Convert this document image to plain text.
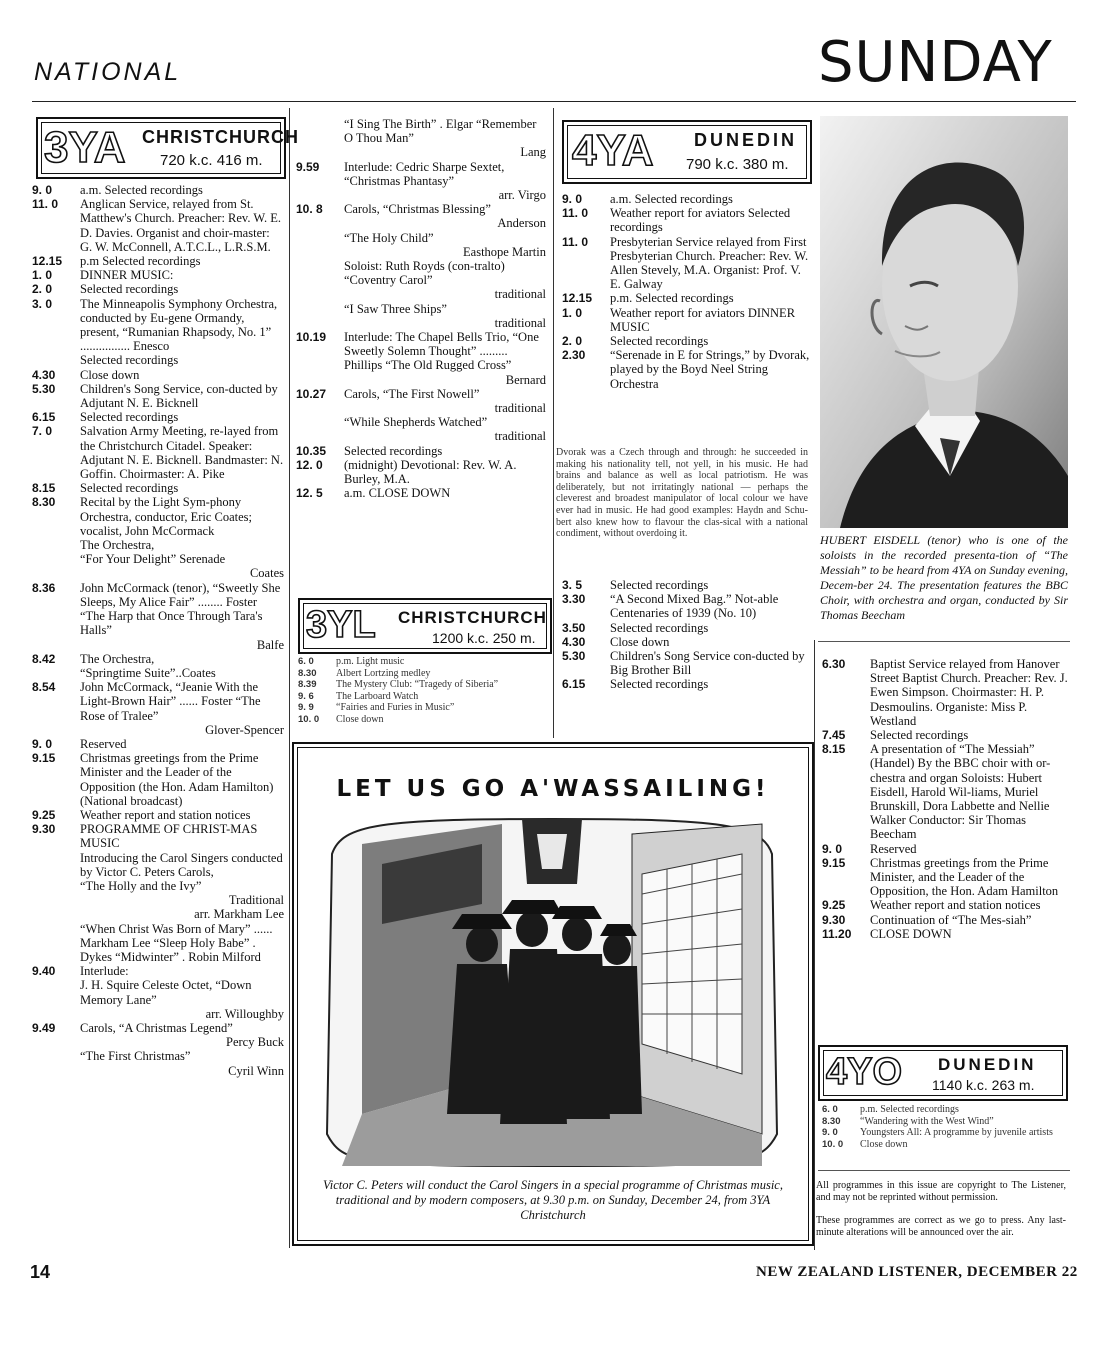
NATIONAL	SUNDAY
3YA CHRISTCHURCH
720 k.c. 416 m.
9. 0	a.m. Selected recordings
11. 0	Anglican Service, relayed from St. Matthew's Church. Preacher: Rev. W. E. D. Davies. Organist and choir-master: G. W. McConnell, A.T.C.L., L.R.S.M.
12.15	p.m Selected recordings
1. 0	DINNER MUSIC:
2. 0	Selected recordings
3. 0	The Minneapolis Symphony Orchestra, conducted by Eu-gene Ormandy, present, “Rumanian Rhapsody, No. 1” ................ Enesco
Selected recordings
4.30	Close down
5.30	Children's Song Service, con-ducted by Adjutant N. E. Bicknell
6.15	Selected recordings
7. 0	Salvation Army Meeting, re-layed from the Christchurch Citadel. Speaker: Adjutant N. E. Bicknell. Bandmaster: N. Goffin. Choirmaster: A. Pike
8.15	Selected recordings
8.30	Recital by the Light Sym-phony Orchestra, conductor, Eric Coates; vocalist, John McCormack
The Orchestra,
“For Your Delight” Serenade
Coates
8.36	John McCormack (tenor), “Sweetly She Sleeps, My Alice Fair” ........ Foster “The Harp that Once Through Tara's Halls”
Balfe
8.42	The Orchestra,
“Springtime Suite”..Coates
8.54	John McCormack, “Jeanie With the Light-Brown Hair” ...... Foster “The Rose of Tralee”
Glover-Spencer
9. 0	Reserved
9.15	Christmas greetings from the Prime Minister and the Leader of the Opposition (the Hon. Adam Hamilton) (National broadcast)
9.25	Weather report and station notices
9.30	PROGRAMME OF CHRIST-MAS MUSIC
Introducing the Carol Singers conducted by Victor C. Peters Carols,
“The Holly and the Ivy”
Traditional
arr. Markham Lee
“When Christ Was Born of Mary” ...... Markham Lee “Sleep Holy Babe” . Dykes “Midwinter” . Robin Milford
9.40	Interlude:
J. H. Squire Celeste Octet, “Down Memory Lane”
arr. Willoughby
9.49	Carols, “A Christmas Legend”
Percy Buck
“The First Christmas”
Cyril Winn
“I Sing The Birth” . Elgar “Remember O Thou Man”
Lang
9.59	Interlude: Cedric Sharpe Sextet, “Christmas Phantasy”
arr. Virgo
10. 8	Carols, “Christmas Blessing”
Anderson
“The Holy Child”
Easthope Martin
Soloist: Ruth Royds (con-tralto) “Coventry Carol”
traditional
“I Saw Three Ships”
traditional
10.19	Interlude: The Chapel Bells Trio, “One Sweetly Solemn Thought” ......... Phillips “The Old Rugged Cross”
Bernard
10.27	Carols, “The First Nowell”
traditional
“While Shepherds Watched”
traditional
10.35	Selected recordings
12. 0	(midnight) Devotional: Rev. W. A. Burley, M.A.
12. 5	a.m. CLOSE DOWN
3YL CHRISTCHURCH
1200 k.c. 250 m.
6. 0	p.m. Light music
8.30	Albert Lortzing medley
8.39	The Mystery Club: “Tragedy of Siberia”
9. 6	The Larboard Watch
9. 9	“Fairies and Furies in Music”
10. 0	Close down
4YA DUNEDIN
790 k.c. 380 m.
9. 0	a.m. Selected recordings
11. 0	Weather report for aviators Selected recordings
11. 0	Presbyterian Service relayed from First Presbyterian Church. Preacher: Rev. W. Allen Stevely, M.A. Organist: Prof. V. E. Galway
12.15	p.m. Selected recordings
1. 0	Weather report for aviators DINNER MUSIC
2. 0	Selected recordings
2.30	“Serenade in E for Strings,” by Dvorak, played by the Boyd Neel String Orchestra
Dvorak was a Czech through and through: he succeeded in making his nationality tell, not yell, in his music. He had brains and balance as well as local patriotism. He was deliberately, but not irritatingly national — perhaps the cleverest and broadest manipulator of local colour we have ever had in music. He had good examples: Haydn and Schu-bert also knew how to flavour the clas-sical with a national condiment, without overdoing it.
3. 5	Selected recordings
3.30	“A Second Mixed Bag.” Not-able Centenaries of 1939 (No. 10)
3.50	Selected recordings
4.30	Close down
5.30	Children's Song Service con-ducted by Big Brother Bill
6.15	Selected recordings
HUBERT EISDELL (tenor) who is one of the soloists in the recorded presenta-tion of “The Messiah” to be heard from 4YA on Sunday evening, Decem-ber 24. The presentation features the BBC Choir, with orchestra and organ, conducted by Sir Thomas Beecham
6.30	Baptist Service relayed from Hanover Street Baptist Church. Preacher: Rev. J. Ewen Simpson. Choirmaster: H. P. Desmoulins. Organiste: Miss P. Westland
7.45	Selected recordings
8.15	A presentation of “The Messiah” (Handel) By the BBC choir with or-chestra and organ Soloists: Hubert Eisdell, Harold Wil-liams, Muriel Brunskill, Dora Labbette and Nellie Walker Conductor: Sir Thomas Beecham
9. 0	Reserved
9.15	Christmas greetings from the Prime Minister, and the Leader of the Opposition, the Hon. Adam Hamilton
9.25	Weather report and station notices
9.30	Continuation of “The Mes-siah”
11.20	CLOSE DOWN
4YO DUNEDIN
1140 k.c. 263 m.
6. 0	p.m. Selected recordings
8.30	“Wandering with the West Wind”
9. 0	Youngsters All: A programme by juvenile artists
10. 0	Close down
All programmes in this issue are copyright to The Listener, and may not be reprinted without permission.
These programmes are correct as we go to press. Any last-minute alterations will be announced over the air.
LET US GO A'WASSAILING!
Victor C. Peters will conduct the Carol Singers in a special programme of Christmas music, traditional and by modern composers, at 9.30 p.m. on Sunday, December 24, from 3YA Christchurch
14	NEW ZEALAND LISTENER, DECEMBER 22
